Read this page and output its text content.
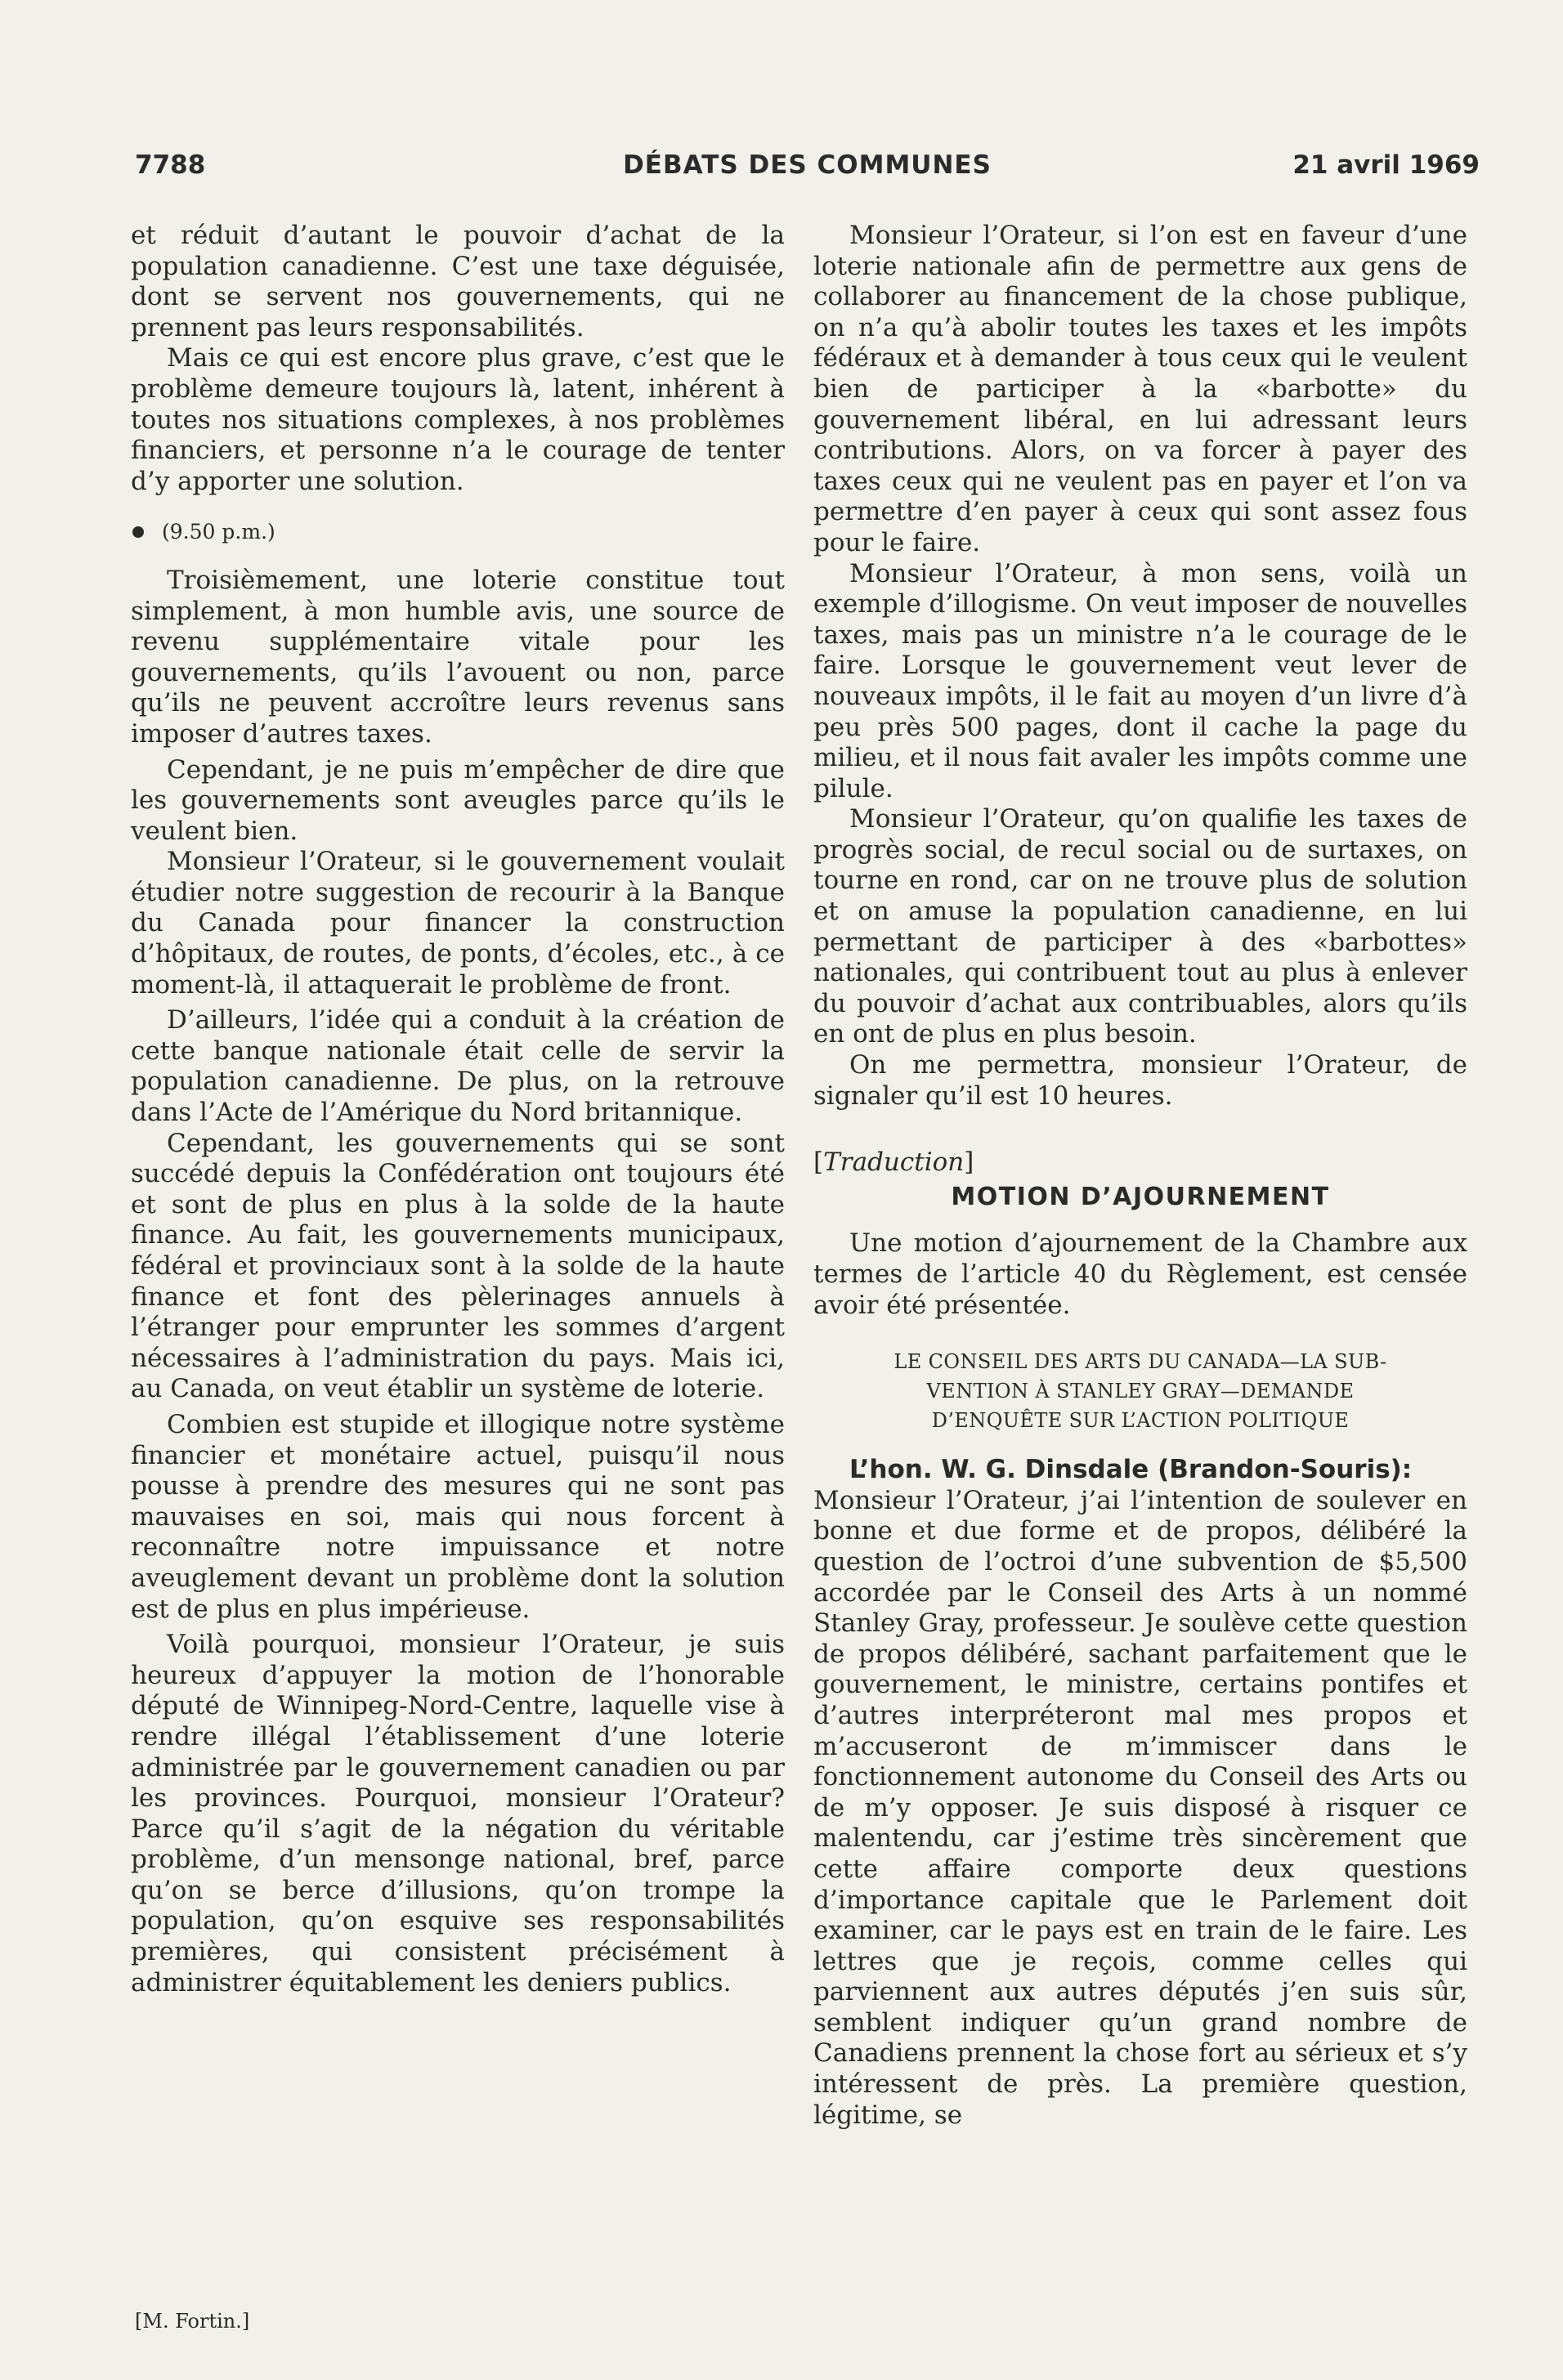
7788	DÉBATS DES COMMUNES	21 avril 1969

et réduit d’autant le pouvoir d’achat de la population canadienne. C’est une taxe déguisée, dont se servent nos gouvernements, qui ne prennent pas leurs responsabilités.

Mais ce qui est encore plus grave, c’est que le problème demeure toujours là, latent, inhérent à toutes nos situations complexes, à nos problèmes financiers, et personne n’a le courage de tenter d’y apporter une solution.

(9.50 p.m.)

Troisièmement, une loterie constitue tout simplement, à mon humble avis, une source de revenu supplémentaire vitale pour les gouvernements, qu’ils l’avouent ou non, parce qu’ils ne peuvent accroître leurs revenus sans imposer d’autres taxes.

Cependant, je ne puis m’empêcher de dire que les gouvernements sont aveugles parce qu’ils le veulent bien.

Monsieur l’Orateur, si le gouvernement voulait étudier notre suggestion de recourir à la Banque du Canada pour financer la construction d’hôpitaux, de routes, de ponts, d’écoles, etc., à ce moment-là, il attaquerait le problème de front.

D’ailleurs, l’idée qui a conduit à la création de cette banque nationale était celle de servir la population canadienne. De plus, on la retrouve dans l’Acte de l’Amérique du Nord britannique.

Cependant, les gouvernements qui se sont succédé depuis la Confédération ont toujours été et sont de plus en plus à la solde de la haute finance. Au fait, les gouvernements municipaux, fédéral et provinciaux sont à la solde de la haute finance et font des pèlerinages annuels à l’étranger pour emprunter les sommes d’argent nécessaires à l’administration du pays. Mais ici, au Canada, on veut établir un système de loterie.

Combien est stupide et illogique notre système financier et monétaire actuel, puisqu’il nous pousse à prendre des mesures qui ne sont pas mauvaises en soi, mais qui nous forcent à reconnaître notre impuissance et notre aveuglement devant un problème dont la solution est de plus en plus impérieuse.

Voilà pourquoi, monsieur l’Orateur, je suis heureux d’appuyer la motion de l’honorable député de Winnipeg-Nord-Centre, laquelle vise à rendre illégal l’établissement d’une loterie administrée par le gouvernement canadien ou par les provinces. Pourquoi, monsieur l’Orateur? Parce qu’il s’agit de la négation du véritable problème, d’un mensonge national, bref, parce qu’on se berce d’illusions, qu’on trompe la population, qu’on esquive ses responsabilités premières, qui consistent précisément à administrer équitablement les deniers publics.

[M. Fortin.]

Monsieur l’Orateur, si l’on est en faveur d’une loterie nationale afin de permettre aux gens de collaborer au financement de la chose publique, on n’a qu’à abolir toutes les taxes et les impôts fédéraux et à demander à tous ceux qui le veulent bien de participer à la «barbotte» du gouvernement libéral, en lui adressant leurs contributions. Alors, on va forcer à payer des taxes ceux qui ne veulent pas en payer et l’on va permettre d’en payer à ceux qui sont assez fous pour le faire.

Monsieur l’Orateur, à mon sens, voilà un exemple d’illogisme. On veut imposer de nouvelles taxes, mais pas un ministre n’a le courage de le faire. Lorsque le gouvernement veut lever de nouveaux impôts, il le fait au moyen d’un livre d’à peu près 500 pages, dont il cache la page du milieu, et il nous fait avaler les impôts comme une pilule.

Monsieur l’Orateur, qu’on qualifie les taxes de progrès social, de recul social ou de surtaxes, on tourne en rond, car on ne trouve plus de solution et on amuse la population canadienne, en lui permettant de participer à des «barbottes» nationales, qui contribuent tout au plus à enlever du pouvoir d’achat aux contribuables, alors qu’ils en ont de plus en plus besoin.

On me permettra, monsieur l’Orateur, de signaler qu’il est 10 heures.

[Traduction]
MOTION D’AJOURNEMENT

Une motion d’ajournement de la Chambre aux termes de l’article 40 du Règlement, est censée avoir été présentée.

LE CONSEIL DES ARTS DU CANADA—LA SUB-
VENTION À STANLEY GRAY—DEMANDE
D’ENQUÊTE SUR L’ACTION POLITIQUE

L’hon. W. G. Dinsdale (Brandon-Souris):

Monsieur l’Orateur, j’ai l’intention de soulever en bonne et due forme et de propos, délibéré la question de l’octroi d’une subvention de $5,500 accordée par le Conseil des Arts à un nommé Stanley Gray, professeur. Je soulève cette question de propos délibéré, sachant parfaitement que le gouvernement, le ministre, certains pontifes et d’autres interpréteront mal mes propos et m’accuseront de m’immiscer dans le fonctionnement autonome du Conseil des Arts ou de m’y opposer. Je suis disposé à risquer ce malentendu, car j’estime très sincèrement que cette affaire comporte deux questions d’importance capitale que le Parlement doit examiner, car le pays est en train de le faire. Les lettres que je reçois, comme celles qui parviennent aux autres députés j’en suis sûr, semblent indiquer qu’un grand nombre de Canadiens prennent la chose fort au sérieux et s’y intéressent de près. La première question, légitime, se
